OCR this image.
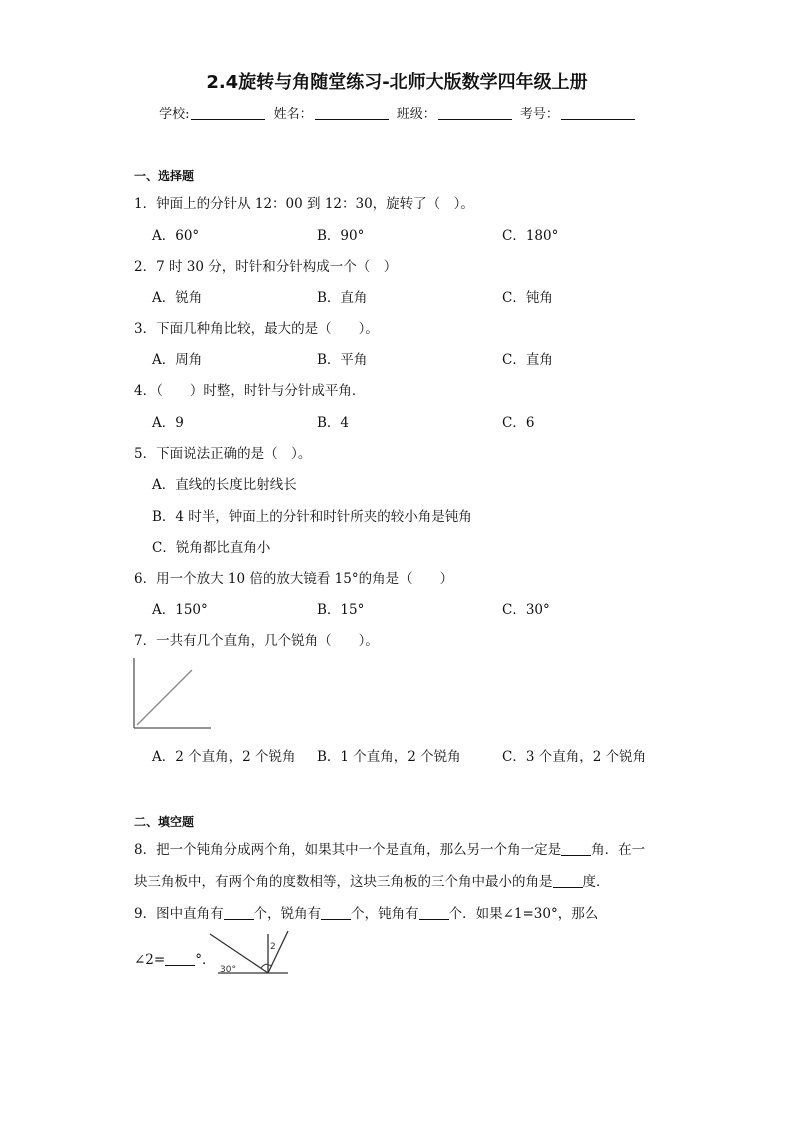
2.4旋转与角随堂练习-北师大版数学四年级上册
学校:	姓名：	班级：	考号：
一、选择题
1．钟面上的分针从 12：00 到 12：30，旋转了（　）。
A．60°	B．90°	C．180°
2．7 时 30 分，时针和分针构成一个（　）
A．锐角	B．直角	C．钝角
3．下面几种角比较，最大的是（　　）。
A．周角	B．平角	C．直角
4．（　　）时整，时针与分针成平角．
A．9	B．4	C．6
5．下面说法正确的是（　）。
A．直线的长度比射线长
B．4 时半，钟面上的分针和时针所夹的较小角是钝角
C．锐角都比直角小
6．用一个放大 10 倍的放大镜看 15°的角是（　　）
A．150°	B．15°	C．30°
7．一共有几个直角，几个锐角（　　）。
A．2 个直角，2 个锐角 B．1 个直角，2 个锐角	C．3 个直角，2 个锐角
二、填空题
8．把一个钝角分成两个角，如果其中一个是直角，那么另一个角一定是 角．在一
块三角板中，有两个角的度数相等，这块三角板的三个角中最小的角是 度．
9．图中直角有 个，锐角有 个，钝角有 个．如果∠1=30°，那么
∠2= °．
30°
2
